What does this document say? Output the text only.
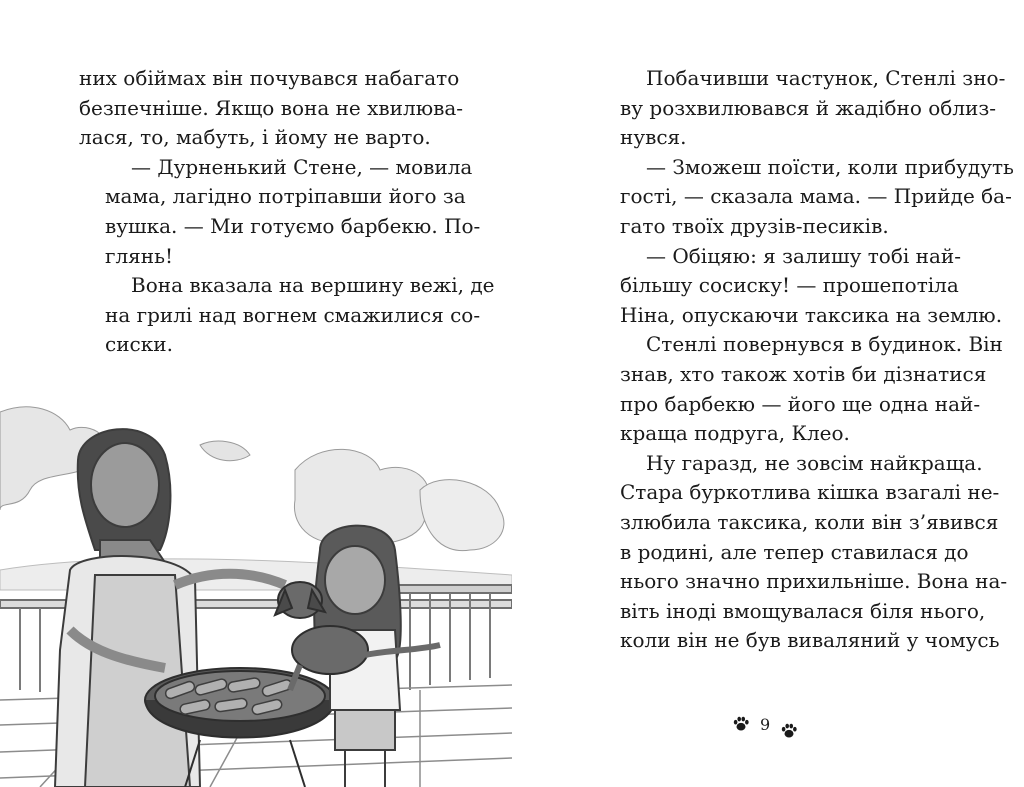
них обіймах він почувався набагато
безпечніше. Якщо вона не хвилюва-
лася, то, мабуть, і йому не варто.

— Дурненький Стене, — мовила
мама, лагідно потріпавши його за
вушка. — Ми готуємо барбекю. По-
глянь!

Вона вказала на вершину вежі, де
на грилі над вогнем смажилися со-
сиски.

Побачивши частунок, Стенлі зно-
ву розхвилювався й жадібно облиз-
нувся.

— Зможеш поїсти, коли прибудуть
гості, — сказала мама. — Прийде ба-
гато твоїх друзів-песиків.

— Обіцяю: я залишу тобі най-
більшу сосиску! — прошепотіла
Ніна, опускаючи таксика на землю.

Стенлі повернувся в будинок. Він
знав, хто також хотів би дізнатися
про барбекю — його ще одна най-
краща подруга, Клео.

Ну гаразд, не зовсім найкраща.
Стара буркотлива кішка взагалі не-
злюбила таксика, коли він з’явився
в родині, але тепер ставилася до
нього значно прихильніше. Вона на-
віть іноді вмощувалася біля нього,
коли він не був виваляний у чомусь

9
